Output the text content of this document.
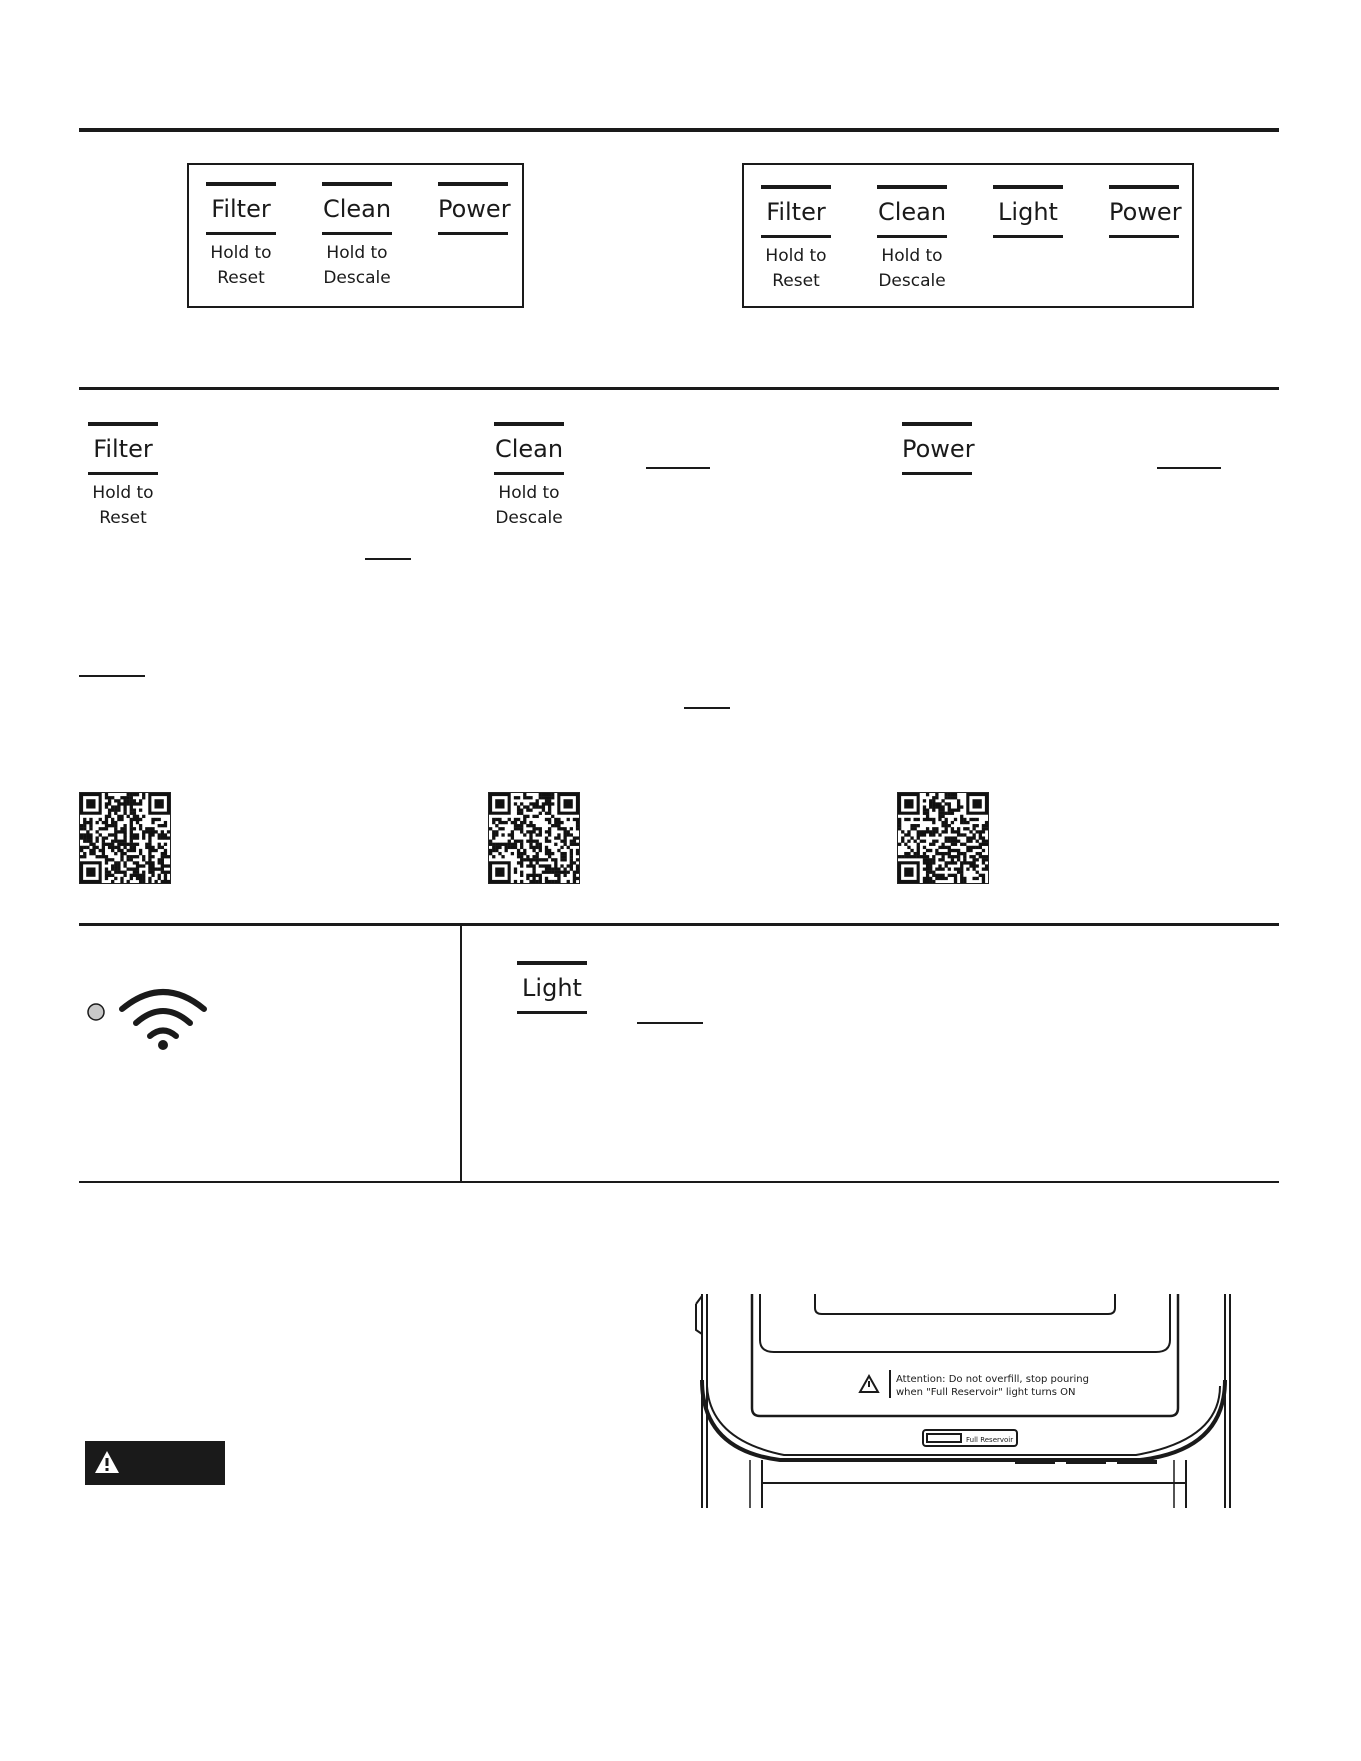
Filter
Hold to
Reset
Clean
Hold to
Descale
Power	Filter
Hold to
Reset
Clean
Hold to
Descale
Light Power
Filter
Hold to
Reset
Clean
Hold to
Descale
Power
Light
Attention: Do not overfill, stop pouring
when "Full Reservoir" light turns ON
Full Reservoir
